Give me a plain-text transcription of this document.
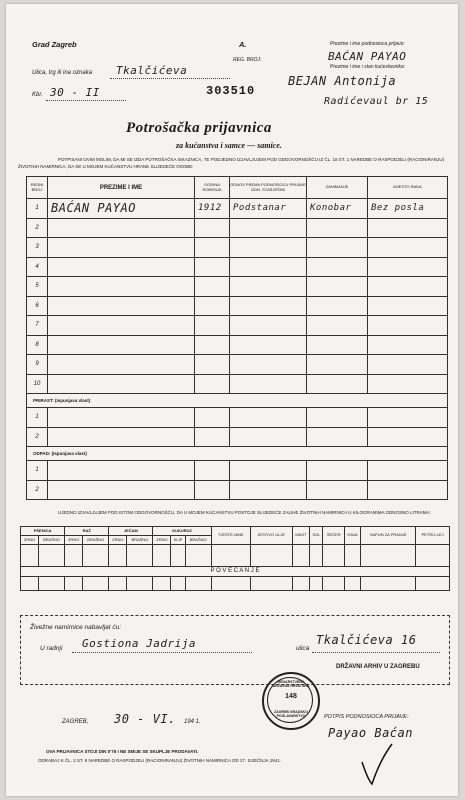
Grad Zagreb	A.
REG. BROJ:
Prezime i ime podnosioca prijave:
BAĆAN PAYAO
Prezime i ime i stan kućevlasnika:
BEJAN Antonija
Radićevaul br 15
Ulica, trg ili ina oznaka Tkalčićeva
Kbr. 30 - II	303510
Potrošačka prijavnica
za kućanstva i samce — samice.
POTPISANI OVIM MOLIM, DA MI SE IZDA POTROŠAČKA ISKAZNICA, TE PODJEDNO IZJAVLJUJEM POD ODGOVORNOŠĆU IZ ČL. 18 ST. 1 NAREDBE O RASPODJELI (RACIONIRANJU) ŽIVOTNIH NAMIRNICA, DA SE U MOJEM KUĆANSTVU HRANE SLIJEDEĆE OSOBE:
REDNI BROJ	PREZIME I IME	GODINA ROĐENJA	ODNOS PREMA PODNOSIOCU PRIJAVE ODN. STARJEŠINI	ZANIMANJE	MJESTO RADA
1	BAĆAN PAYAO	1912	Podstanar	Konobar	Bez posla
2					
3					
4					
5					
6					
7					
8					
9					
10					
PRIRAST: (Ispunjava vlast)					
1					
2					
ODPAD: (Ispunjava vlast)					
1					
2					
UJEDNO IZJAVLJUJEM POD ISTOM ODGOVORNOŠĆU, DA U MOJEM KUĆANSTVU POSTOJE SLIJEDEĆE ZALIHE ŽIVOTNIH NAMIRNICA U KILOGRAMIMA ODNOSNO LITRAMA:
PŠENICA		RAŽ		JEČAM		KUKURUZ			TJESTE-NINE	JESTIVO ULJE	MAST	SOL	ŠEĆER	KAVA	SAPUN ZA PRANJE	PETRO-LEJ
ZRNO	BRAŠNO	ZRNO	BRAŠNO	ZRNO	BRAŠNO	ZRNO	KLIP	BRAŠNO								

P O V E Ć A N J E																

Živežne namirnice nabavljat ću:
U radnji Gostiona Jadrija	ulica
Tkalčićeva 16
DRŽAVNI ARHIV U ZAGREBU
REDARSTVENA DRŽAVNA HRVATSKA
148
ZAGREB GRADSKO POGLAVARSTVO
ZAGREB, 30 - VI. 194 1.
POTPIS PODNOSIOCA PRIJAVE:
Payao Baćan
OVA PRIJAVNICA STOJI DIN 0'75 I NE SMIJE SE SKUPLJE PRODAVATI.
ODRAĐAJ K ČL. 2 ST. 8 NAREDBE O RASPODJELI (RACIONIRANJU) ŽIVOTNIH NAMIRNICA OD 27. SIJEČNJA 1941.
